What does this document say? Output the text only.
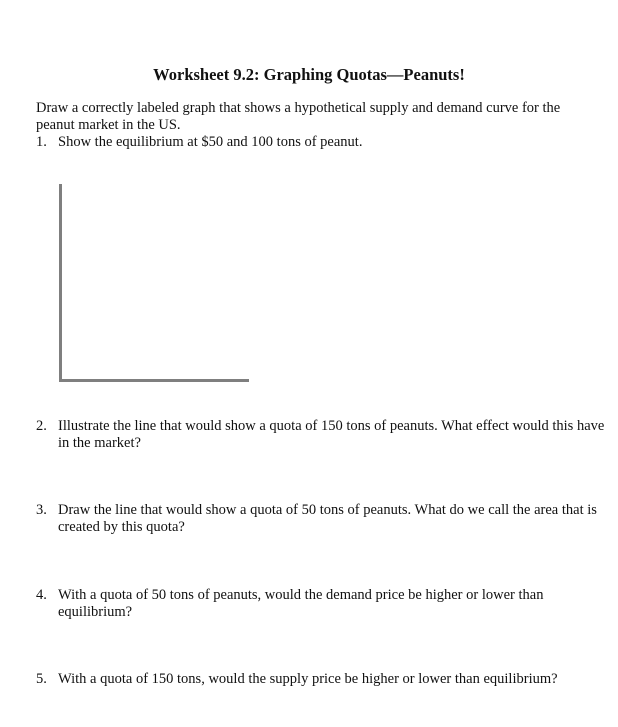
Worksheet 9.2: Graphing Quotas—Peanuts!
Draw a correctly labeled graph that shows a hypothetical supply and demand curve for the peanut market in the US.
1. Show the equilibrium at $50 and 100 tons of peanut.
2. Illustrate the line that would show a quota of 150 tons of peanuts. What effect would this have in the market?
3. Draw the line that would show a quota of 50 tons of peanuts. What do we call the area that is created by this quota?
4. With a quota of 50 tons of peanuts, would the demand price be higher or lower than equilibrium?
5. With a quota of 150 tons, would the supply price be higher or lower than equilibrium?
